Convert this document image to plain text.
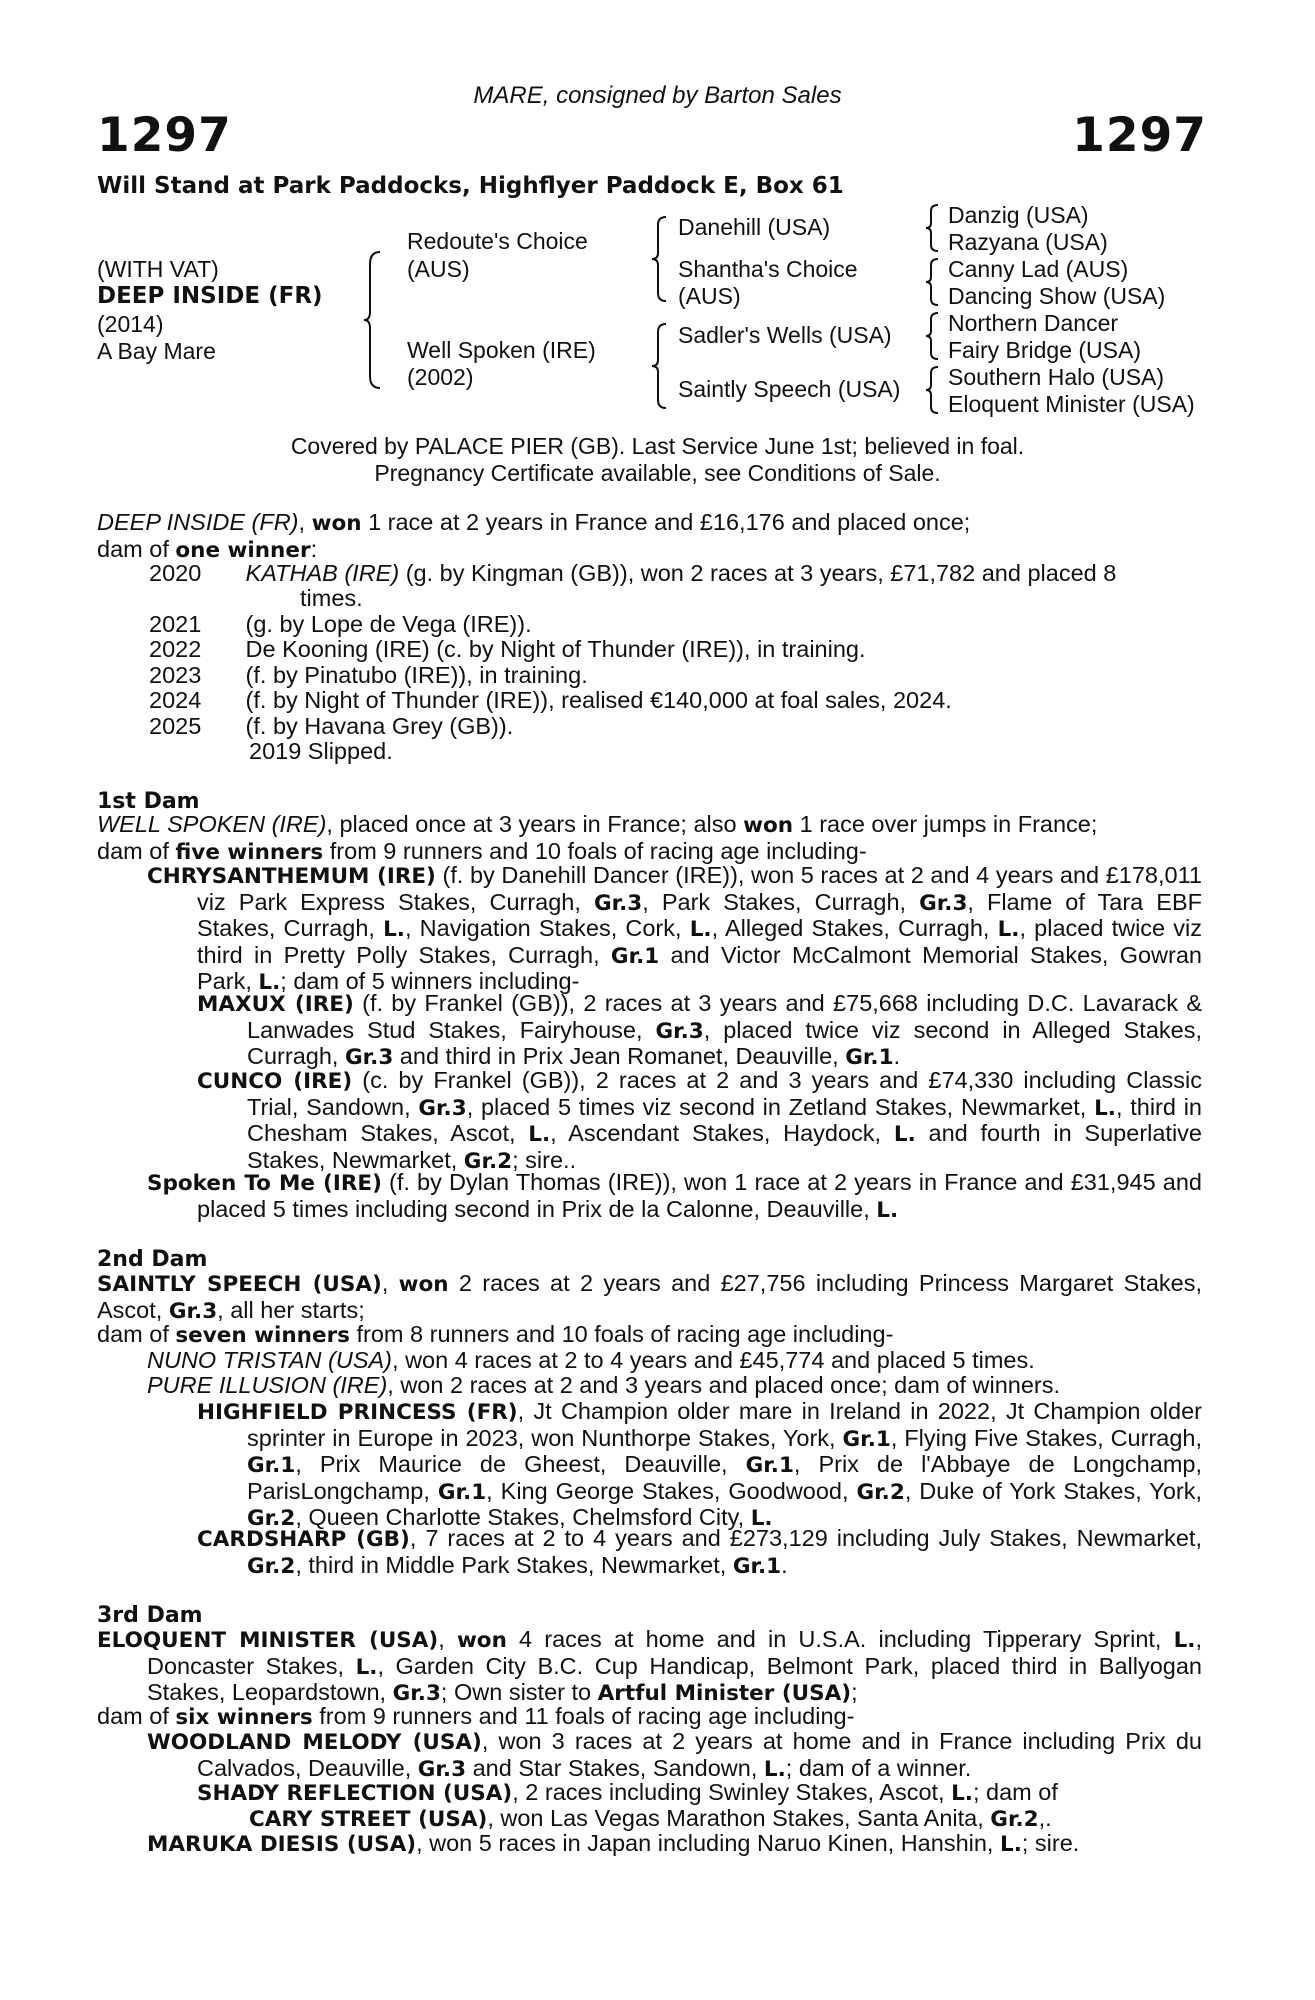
MARE, consigned by Barton Sales
1297	1297
Will Stand at Park Paddocks, Highflyer Paddock E, Box 61
(WITH VAT)
DEEP INSIDE (FR)
(2014)
A Bay Mare
Redoute's Choice
(AUS)
Well Spoken (IRE)
(2002)
Danehill (USA)
Shantha's Choice
(AUS)
Sadler's Wells (USA)
Saintly Speech (USA)
Danzig (USA)
Razyana (USA)
Canny Lad (AUS)
Dancing Show (USA)
Northern Dancer
Fairy Bridge (USA)
Southern Halo (USA)
Eloquent Minister (USA)
Covered by PALACE PIER (GB). Last Service June 1st; believed in foal.
Pregnancy Certificate available, see Conditions of Sale.
DEEP INSIDE (FR), won 1 race at 2 years in France and £16,176 and placed once;
dam of one winner:
2020 KATHAB (IRE) (g. by Kingman (GB)), won 2 races at 3 years, £71,782 and placed 8
times.
2021 (g. by Lope de Vega (IRE)).
2022 De Kooning (IRE) (c. by Night of Thunder (IRE)), in training.
2023 (f. by Pinatubo (IRE)), in training.
2024 (f. by Night of Thunder (IRE)), realised €140,000 at foal sales, 2024.
2025 (f. by Havana Grey (GB)).
2019 Slipped.
1st Dam
WELL SPOKEN (IRE), placed once at 3 years in France; also won 1 race over jumps in France;
dam of five winners from 9 runners and 10 foals of racing age including-
CHRYSANTHEMUM (IRE) (f. by Danehill Dancer (IRE)), won 5 races at 2 and 4 years and £178,011 viz Park Express Stakes, Curragh, Gr.3, Park Stakes, Curragh, Gr.3, Flame of Tara EBF Stakes, Curragh, L., Navigation Stakes, Cork, L., Alleged Stakes, Curragh, L., placed twice viz third in Pretty Polly Stakes, Curragh, Gr.1 and Victor McCalmont Memorial Stakes, Gowran Park, L.; dam of 5 winners including-
MAXUX (IRE) (f. by Frankel (GB)), 2 races at 3 years and £75,668 including D.C. Lavarack & Lanwades Stud Stakes, Fairyhouse, Gr.3, placed twice viz second in Alleged Stakes, Curragh, Gr.3 and third in Prix Jean Romanet, Deauville, Gr.1.
CUNCO (IRE) (c. by Frankel (GB)), 2 races at 2 and 3 years and £74,330 including Classic Trial, Sandown, Gr.3, placed 5 times viz second in Zetland Stakes, Newmarket, L., third in Chesham Stakes, Ascot, L., Ascendant Stakes, Haydock, L. and fourth in Superlative Stakes, Newmarket, Gr.2; sire..
Spoken To Me (IRE) (f. by Dylan Thomas (IRE)), won 1 race at 2 years in France and £31,945 and placed 5 times including second in Prix de la Calonne, Deauville, L.
2nd Dam
SAINTLY SPEECH (USA), won 2 races at 2 years and £27,756 including Princess Margaret Stakes, Ascot, Gr.3, all her starts;
dam of seven winners from 8 runners and 10 foals of racing age including-
NUNO TRISTAN (USA), won 4 races at 2 to 4 years and £45,774 and placed 5 times.
PURE ILLUSION (IRE), won 2 races at 2 and 3 years and placed once; dam of winners.
HIGHFIELD PRINCESS (FR), Jt Champion older mare in Ireland in 2022, Jt Champion older sprinter in Europe in 2023, won Nunthorpe Stakes, York, Gr.1, Flying Five Stakes, Curragh, Gr.1, Prix Maurice de Gheest, Deauville, Gr.1, Prix de l'Abbaye de Longchamp, ParisLongchamp, Gr.1, King George Stakes, Goodwood, Gr.2, Duke of York Stakes, York, Gr.2, Queen Charlotte Stakes, Chelmsford City, L.
CARDSHARP (GB), 7 races at 2 to 4 years and £273,129 including July Stakes, Newmarket, Gr.2, third in Middle Park Stakes, Newmarket, Gr.1.
3rd Dam
ELOQUENT MINISTER (USA), won 4 races at home and in U.S.A. including Tipperary Sprint, L., Doncaster Stakes, L., Garden City B.C. Cup Handicap, Belmont Park, placed third in Ballyogan Stakes, Leopardstown, Gr.3; Own sister to Artful Minister (USA);
dam of six winners from 9 runners and 11 foals of racing age including-
WOODLAND MELODY (USA), won 3 races at 2 years at home and in France including Prix du Calvados, Deauville, Gr.3 and Star Stakes, Sandown, L.; dam of a winner.
SHADY REFLECTION (USA), 2 races including Swinley Stakes, Ascot, L.; dam of
CARY STREET (USA), won Las Vegas Marathon Stakes, Santa Anita, Gr.2,.
MARUKA DIESIS (USA), won 5 races in Japan including Naruo Kinen, Hanshin, L.; sire.
